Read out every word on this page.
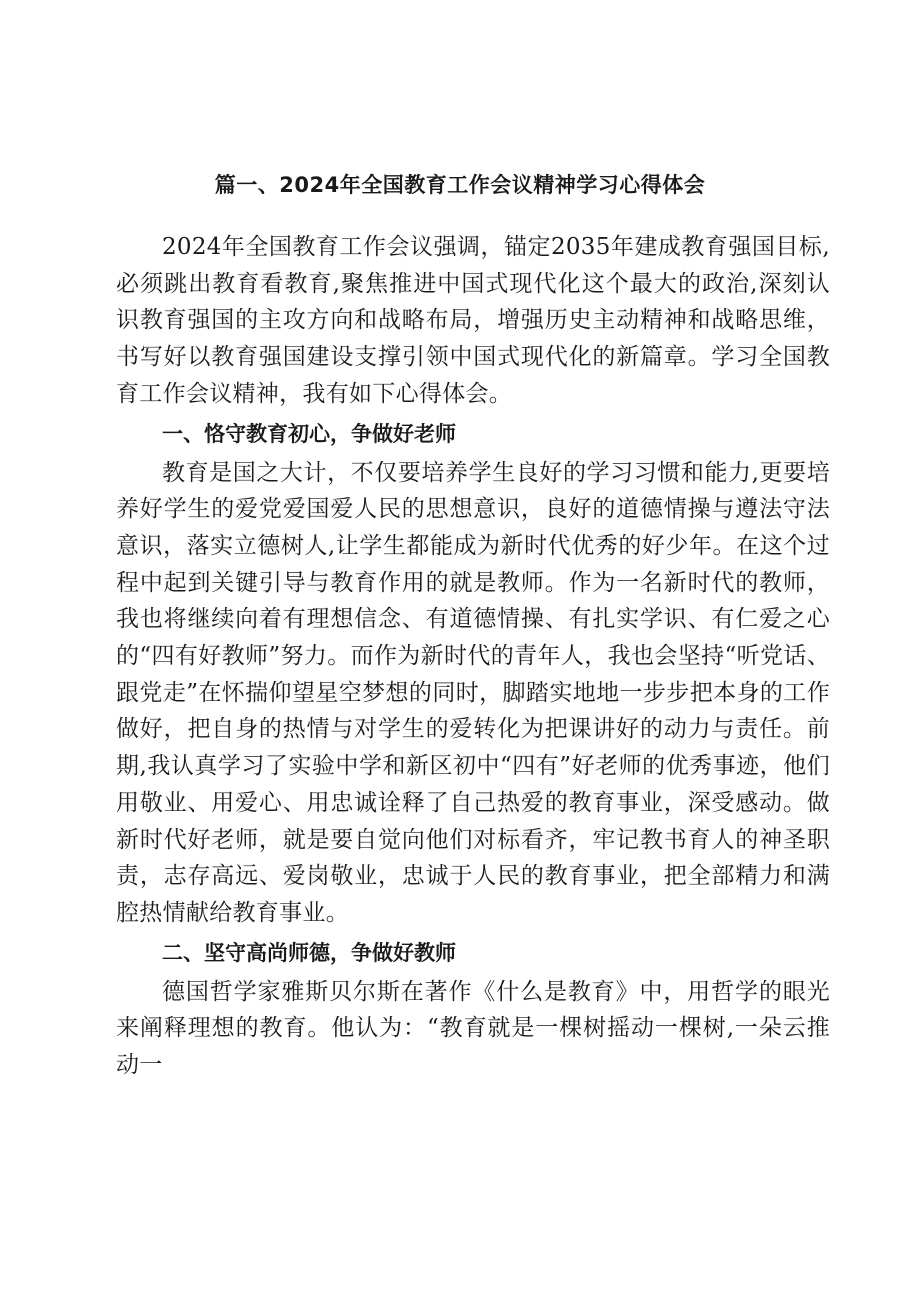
篇一、2024年全国教育工作会议精神学习心得体会

2024年全国教育工作会议强调，锚定2035年建成教育强国目标,必须跳出教育看教育,聚焦推进中国式现代化这个最大的政治,深刻认识教育强国的主攻方向和战略布局，增强历史主动精神和战略思维，书写好以教育强国建设支撑引领中国式现代化的新篇章。学习全国教育工作会议精神，我有如下心得体会。

一、恪守教育初心，争做好老师

教育是国之大计，不仅要培养学生良好的学习习惯和能力,更要培养好学生的爱党爱国爱人民的思想意识，良好的道德情操与遵法守法意识，落实立德树人,让学生都能成为新时代优秀的好少年。在这个过程中起到关键引导与教育作用的就是教师。作为一名新时代的教师，我也将继续向着有理想信念、有道德情操、有扎实学识、有仁爱之心的“四有好教师”努力。而作为新时代的青年人，我也会坚持“听党话、跟党走”在怀揣仰望星空梦想的同时，脚踏实地地一步步把本身的工作做好，把自身的热情与对学生的爱转化为把课讲好的动力与责任。前期,我认真学习了实验中学和新区初中“四有”好老师的优秀事迹，他们用敬业、用爱心、用忠诚诠释了自己热爱的教育事业，深受感动。做新时代好老师，就是要自觉向他们对标看齐，牢记教书育人的神圣职责，志存高远、爱岗敬业，忠诚于人民的教育事业，把全部精力和满腔热情献给教育事业。

二、坚守高尚师德，争做好教师

德国哲学家雅斯贝尔斯在著作《什么是教育》中，用哲学的眼光来阐释理想的教育。他认为：“教育就是一棵树摇动一棵树,一朵云推动一
